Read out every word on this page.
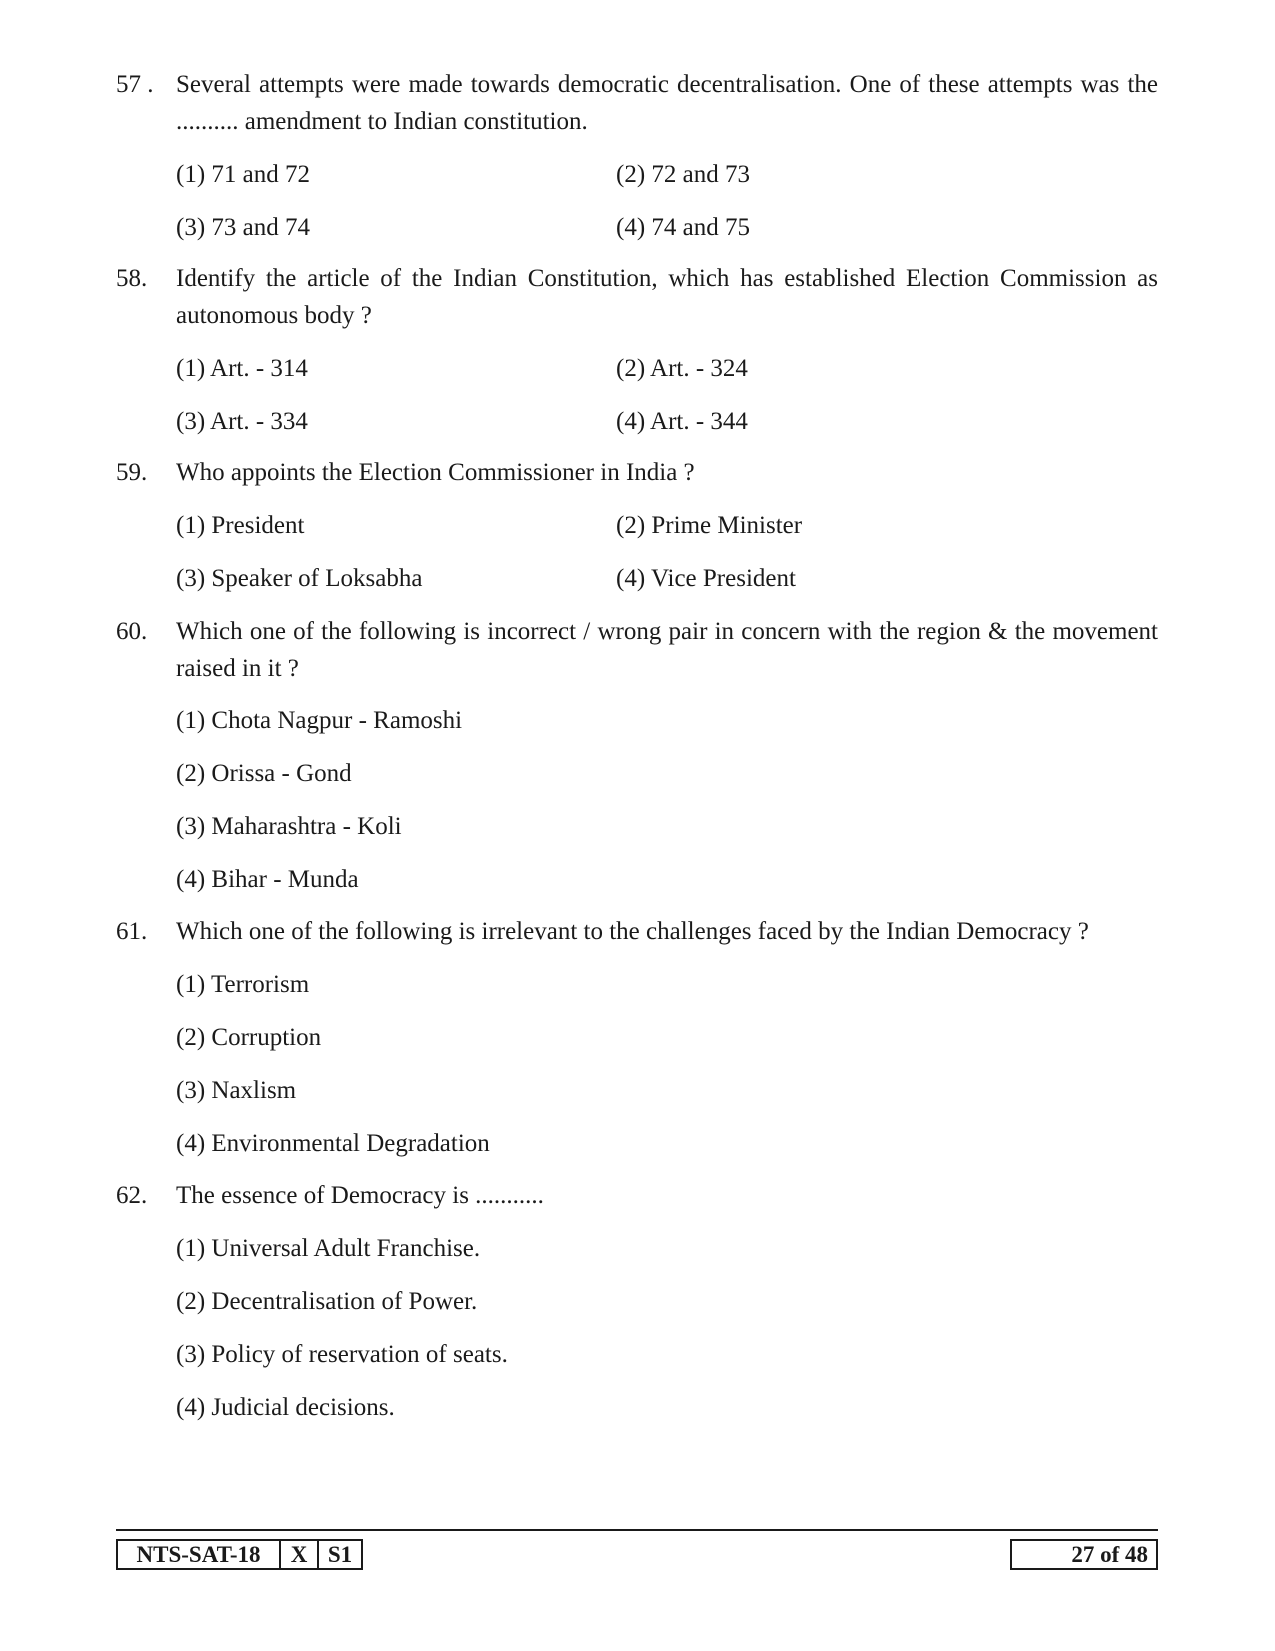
57 . Several attempts were made towards democratic decentralisation. One of these attempts was the .......... amendment to Indian constitution.
(1) 71 and 72	(2) 72 and 73
(3) 73 and 74	(4) 74 and 75
58.	Identify the article of the Indian Constitution, which has established Election Commission as autonomous body ?
(1) Art. - 314	(2) Art. - 324
(3) Art. - 334	(4) Art. - 344
59.	Who appoints the Election Commissioner in India ?
(1) President	(2) Prime Minister
(3) Speaker of Loksabha	(4) Vice President
60.	Which one of the following is incorrect / wrong pair in concern with the region & the movement raised in it ?
(1) Chota Nagpur - Ramoshi
(2) Orissa - Gond
(3) Maharashtra - Koli
(4) Bihar - Munda
61.	Which one of the following is irrelevant to the challenges faced by the Indian Democracy ?
(1) Terrorism
(2) Corruption
(3) Naxlism
(4) Environmental Degradation
62.	The essence of Democracy is ...........
(1) Universal Adult Franchise.
(2) Decentralisation of Power.
(3) Policy of reservation of seats.
(4) Judicial decisions.
NTS-SAT-18	X S1	27 of 48
